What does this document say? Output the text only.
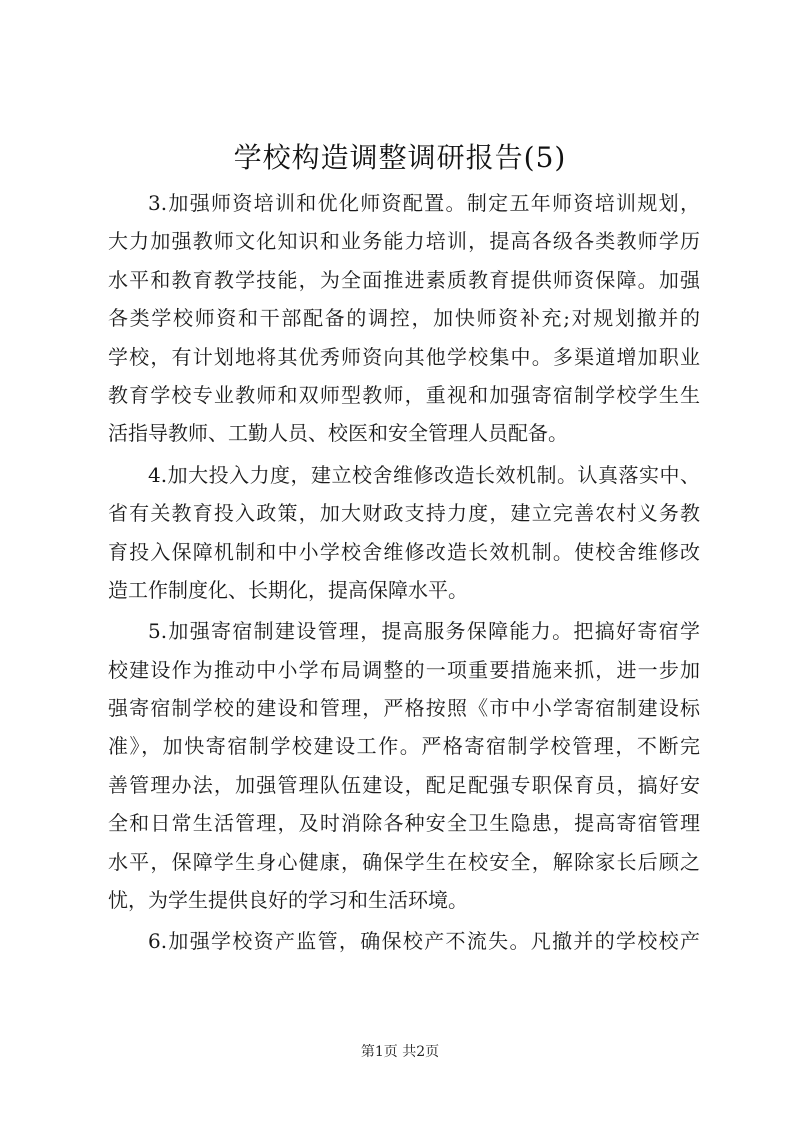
学校构造调整调研报告(5)
3.加强师资培训和优化师资配置。制定五年师资培训规划，
大力加强教师文化知识和业务能力培训，提高各级各类教师学历
水平和教育教学技能，为全面推进素质教育提供师资保障。加强
各类学校师资和干部配备的调控，加快师资补充;对规划撤并的
学校，有计划地将其优秀师资向其他学校集中。多渠道增加职业
教育学校专业教师和双师型教师，重视和加强寄宿制学校学生生
活指导教师、工勤人员、校医和安全管理人员配备。
4.加大投入力度，建立校舍维修改造长效机制。认真落实中、
省有关教育投入政策，加大财政支持力度，建立完善农村义务教
育投入保障机制和中小学校舍维修改造长效机制。使校舍维修改
造工作制度化、长期化，提高保障水平。
5.加强寄宿制建设管理，提高服务保障能力。把搞好寄宿学
校建设作为推动中小学布局调整的一项重要措施来抓，进一步加
强寄宿制学校的建设和管理，严格按照《市中小学寄宿制建设标
准》，加快寄宿制学校建设工作。严格寄宿制学校管理，不断完
善管理办法，加强管理队伍建设，配足配强专职保育员，搞好安
全和日常生活管理，及时消除各种安全卫生隐患，提高寄宿管理
水平，保障学生身心健康，确保学生在校安全，解除家长后顾之
忧，为学生提供良好的学习和生活环境。
6.加强学校资产监管，确保校产不流失。凡撤并的学校校产
第1页 共2页
